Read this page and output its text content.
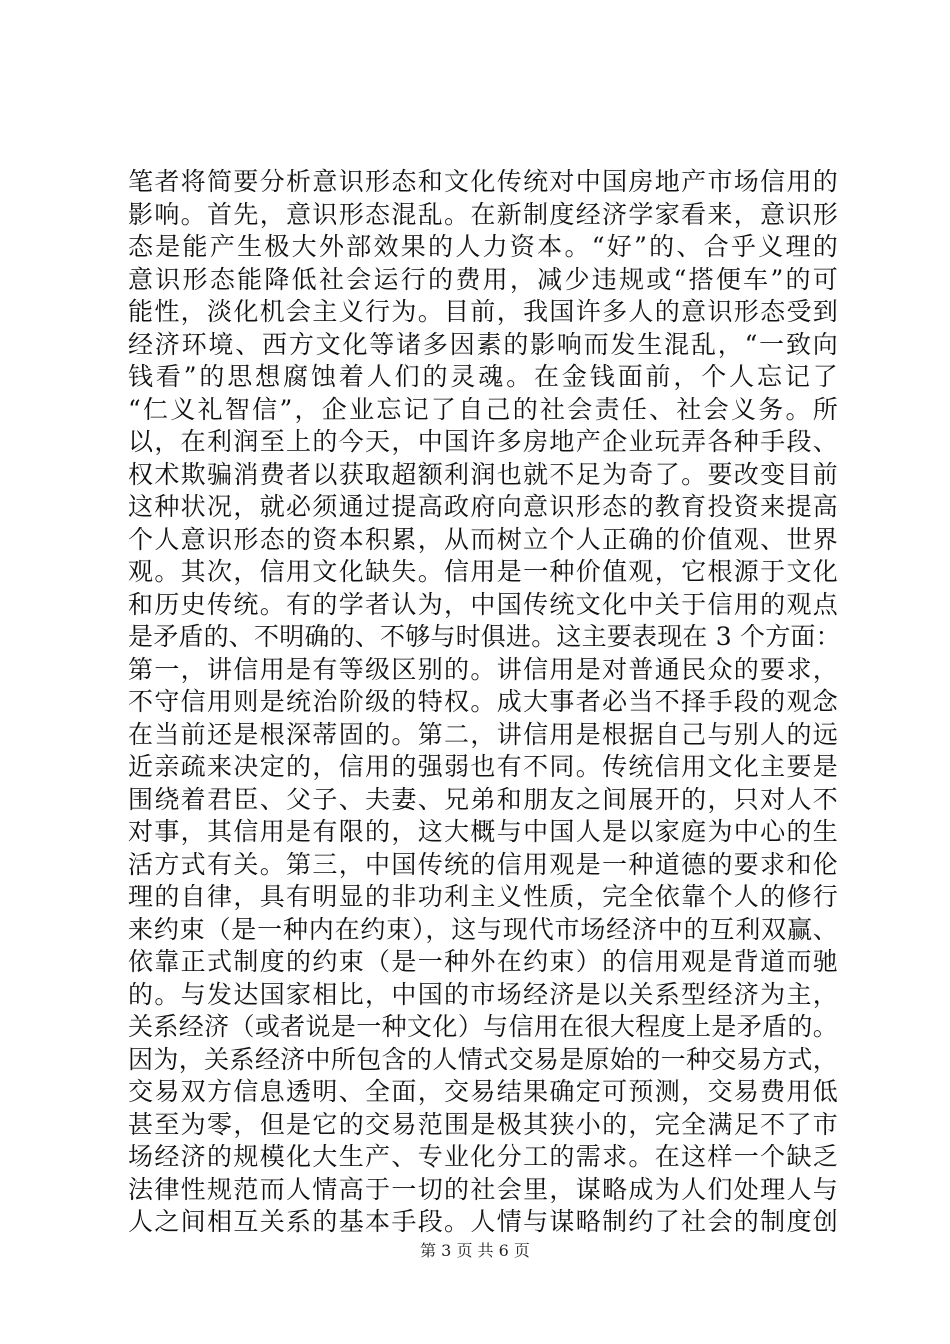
笔者将简要分析意识形态和文化传统对中国房地产市场信用的
影响。首先，意识形态混乱。在新制度经济学家看来，意识形
态是能产生极大外部效果的人力资本。“好”的、合乎义理的
意识形态能降低社会运行的费用，减少违规或“搭便车”的可
能性，淡化机会主义行为。目前，我国许多人的意识形态受到
经济环境、西方文化等诸多因素的影响而发生混乱，“一致向
钱看”的思想腐蚀着人们的灵魂。在金钱面前，个人忘记了
“仁义礼智信”，企业忘记了自己的社会责任、社会义务。所
以，在利润至上的今天，中国许多房地产企业玩弄各种手段、
权术欺骗消费者以获取超额利润也就不足为奇了。要改变目前
这种状况，就必须通过提高政府向意识形态的教育投资来提高
个人意识形态的资本积累，从而树立个人正确的价值观、世界
观。其次，信用文化缺失。信用是一种价值观，它根源于文化
和历史传统。有的学者认为，中国传统文化中关于信用的观点
是矛盾的、不明确的、不够与时俱进。这主要表现在 3 个方面：
第一，讲信用是有等级区别的。讲信用是对普通民众的要求，
不守信用则是统治阶级的特权。成大事者必当不择手段的观念
在当前还是根深蒂固的。第二，讲信用是根据自己与别人的远
近亲疏来决定的，信用的强弱也有不同。传统信用文化主要是
围绕着君臣、父子、夫妻、兄弟和朋友之间展开的，只对人不
对事，其信用是有限的，这大概与中国人是以家庭为中心的生
活方式有关。第三，中国传统的信用观是一种道德的要求和伦
理的自律，具有明显的非功利主义性质，完全依靠个人的修行
来约束（是一种内在约束），这与现代市场经济中的互利双赢、
依靠正式制度的约束（是一种外在约束）的信用观是背道而驰
的。与发达国家相比，中国的市场经济是以关系型经济为主，
关系经济（或者说是一种文化）与信用在很大程度上是矛盾的。
因为，关系经济中所包含的人情式交易是原始的一种交易方式，
交易双方信息透明、全面，交易结果确定可预测，交易费用低
甚至为零，但是它的交易范围是极其狭小的，完全满足不了市
场经济的规模化大生产、专业化分工的需求。在这样一个缺乏
法律性规范而人情高于一切的社会里，谋略成为人们处理人与
人之间相互关系的基本手段。人情与谋略制约了社会的制度创
第 3 页 共 6 页
